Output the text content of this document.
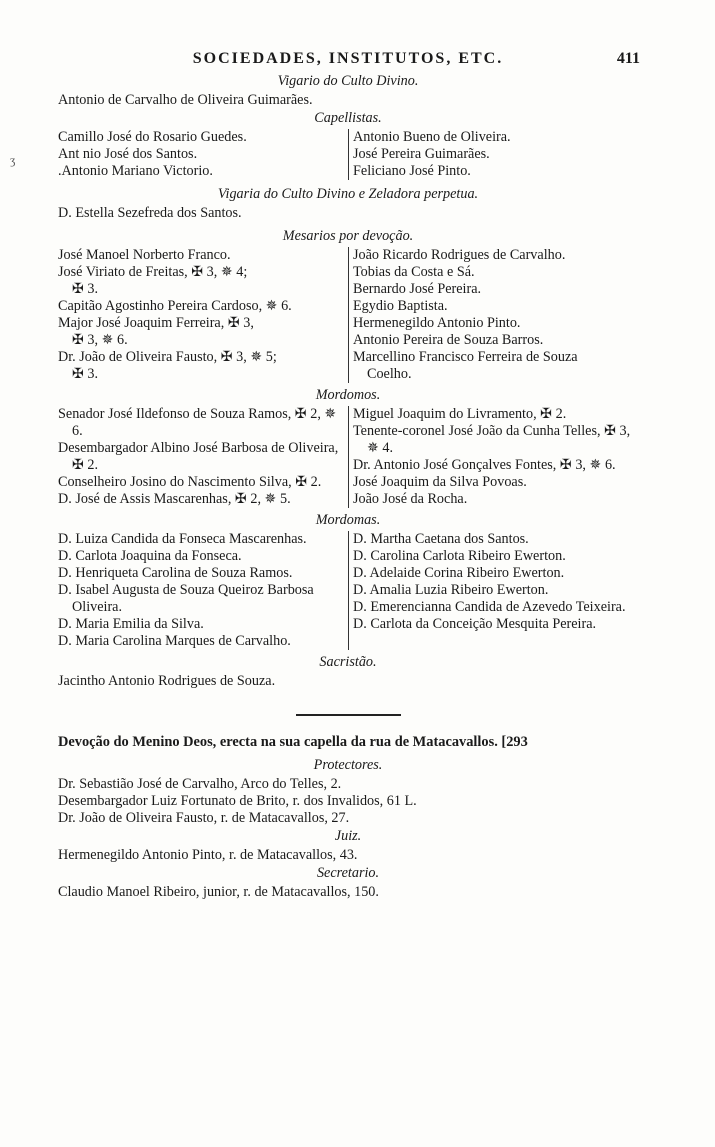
ʒ
SOCIEDADES, INSTITUTOS, ETC.	411
Vigario do Culto Divino.
Antonio de Carvalho de Oliveira Guimarães.
Capellistas.
Camillo José do Rosario Guedes.
Ant nio José dos Santos.
.Antonio Mariano Victorio.
Antonio Bueno de Oliveira.
José Pereira Guimarães.
Feliciano José Pinto.
Vigaria do Culto Divino e Zeladora perpetua.
D. Estella Sezefreda dos Santos.
Mesarios por devoção.
José Manoel Norberto Franco.
José Viriato de Freitas, ✠ 3, ✵ 4;
✠ 3.
Capitão Agostinho Pereira Cardoso, ✵ 6.
Major José Joaquim Ferreira, ✠ 3,
✠ 3, ✵ 6.
Dr. João de Oliveira Fausto, ✠ 3, ✵ 5;
✠ 3.
João Ricardo Rodrigues de Carvalho.
Tobias da Costa e Sá.
Bernardo José Pereira.
Egydio Baptista.
Hermenegildo Antonio Pinto.
Antonio Pereira de Souza Barros.
Marcellino Francisco Ferreira de Souza
Coelho.
Mordomos.
Senador José Ildefonso de Souza Ramos, ✠ 2, ✵ 6.
Desembargador Albino José Barbosa de Oliveira, ✠ 2.
Conselheiro Josino do Nascimento Silva, ✠ 2.
D. José de Assis Mascarenhas, ✠ 2, ✵ 5.
Miguel Joaquim do Livramento, ✠ 2.
Tenente-coronel José João da Cunha Telles, ✠ 3, ✵ 4.
Dr. Antonio José Gonçalves Fontes, ✠ 3, ✵ 6.
José Joaquim da Silva Povoas.
João José da Rocha.
Mordomas.
D. Luiza Candida da Fonseca Mascarenhas.
D. Carlota Joaquina da Fonseca.
D. Henriqueta Carolina de Souza Ramos.
D. Isabel Augusta de Souza Queiroz Barbosa Oliveira.
D. Maria Emilia da Silva.
D. Maria Carolina Marques de Carvalho.
D. Martha Caetana dos Santos.
D. Carolina Carlota Ribeiro Ewerton.
D. Adelaide Corina Ribeiro Ewerton.
D. Amalia Luzia Ribeiro Ewerton.
D. Emerencianna Candida de Azevedo Teixeira.
D. Carlota da Conceição Mesquita Pereira.
Sacristão.
Jacintho Antonio Rodrigues de Souza.
Devoção do Menino Deos, erecta na sua capella da rua de Matacavallos. [293
Protectores.
Dr. Sebastião José de Carvalho, Arco do Telles, 2.
Desembargador Luiz Fortunato de Brito, r. dos Invalidos, 61 L.
Dr. João de Oliveira Fausto, r. de Matacavallos, 27.
Juiz.
Hermenegildo Antonio Pinto, r. de Matacavallos, 43.
Secretario.
Claudio Manoel Ribeiro, junior, r. de Matacavallos, 150.
